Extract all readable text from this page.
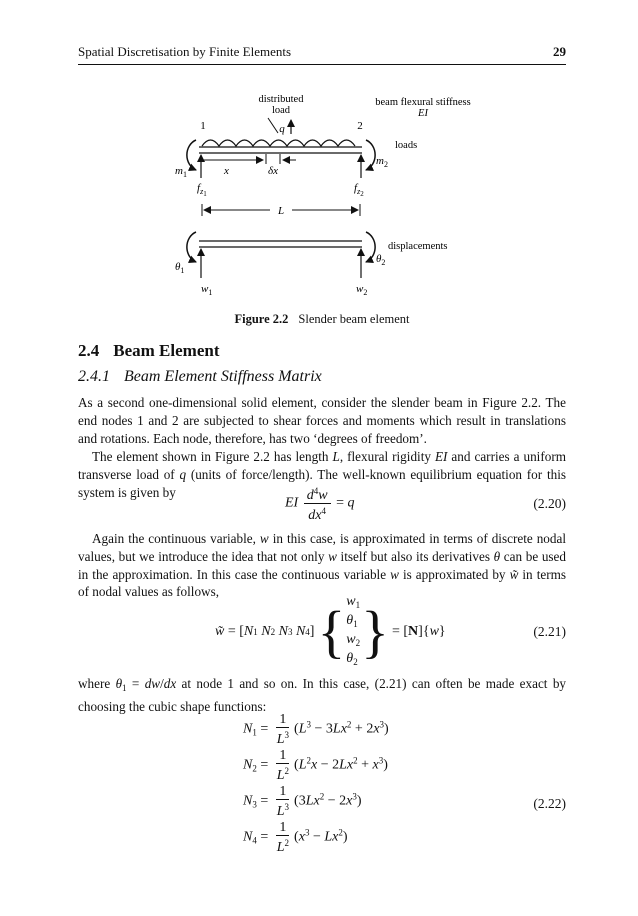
Spatial Discretisation by Finite Elements	29
distributed
load
beam flexural stiffness
EI
q
1	2
loads
$m_1$
$m_2$
x	δx
$f_z1$	$f_z2$
L
displacements
$\theta_1$
$\theta_2$
$w_1$	$w_2$
Figure 2.2 Slender beam element
2.4 Beam Element
2.4.1 Beam Element Stiffness Matrix
As a second one-dimensional solid element, consider the slender beam in Figure 2.2. The end nodes 1 and 2 are subjected to shear forces and moments which result in translations and rotations. Each node, therefore, has two ‘degrees of freedom’.
The element shown in Figure 2.2 has length L, flexural rigidity EI and carries a uniform transverse load of q (units of force/length). The well-known equilibrium equation for this system is given by
EI $\frac{d^4w}{dx^4} = q$	(2.20)
Again the continuous variable, w in this case, is approximated in terms of discrete nodal values, but we introduce the idea that not only w itself but also its derivatives θ can be used in the approximation. In this case the continuous variable w is approximated by w̃ in terms of nodal values as follows,
w̃ = [ N 1
N 2
N 3
N 4 ] { $w_1$
$\theta_1$
$w_2$
$\theta_2$ } = [ N ]{ w }	(2.21)
where $\theta_1 = dw/dx$ at node 1 and so on. In this case, (2.21) can often be made exact by choosing the cubic shape functions:
$N_1 = \frac{1}{L^3} (L^3 - 3Lx^2 + 2x^3)$
$N_2 = \frac{1}{L^2} (L^2x - 2Lx^2 + x^3)$
$N_3 = \frac{1}{L^3} (3Lx^2 - 2x^3)$
$N_4 = \frac{1}{L^2} (x^3 - Lx^2)$
(2.22)
